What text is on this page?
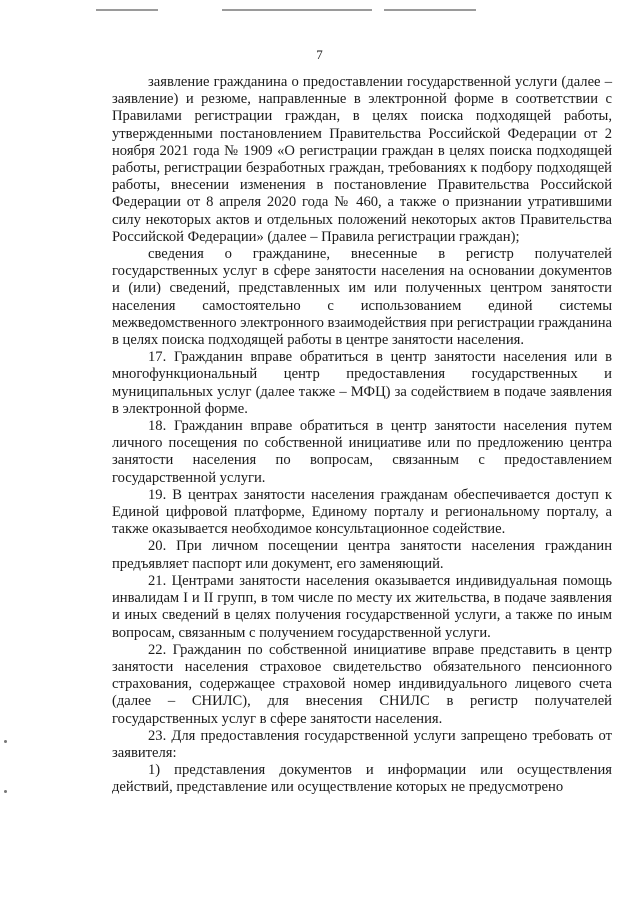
7

заявление гражданина о предоставлении государственной услуги (далее – заявление) и резюме, направленные в электронной форме в соответствии с Правилами регистрации граждан, в целях поиска подходящей работы, утвержденными постановлением Правительства Российской Федерации от 2 ноября 2021 года № 1909 «О регистрации граждан в целях поиска подходящей работы, регистрации безработных граждан, требованиях к подбору подходящей работы, внесении изменения в постановление Правительства Российской Федерации от 8 апреля 2020 года № 460, а также о признании утратившими силу некоторых актов и отдельных положений некоторых актов Правительства Российской Федерации» (далее – Правила регистрации граждан);

сведения о гражданине, внесенные в регистр получателей государственных услуг в сфере занятости населения на основании документов и (или) сведений, представленных им или полученных центром занятости населения самостоятельно с использованием единой системы межведомственного электронного взаимодействия при регистрации гражданина в целях поиска подходящей работы в центре занятости населения.

17. Гражданин вправе обратиться в центр занятости населения или в многофункциональный центр предоставления государственных и муниципальных услуг (далее также – МФЦ) за содействием в подаче заявления в электронной форме.

18. Гражданин вправе обратиться в центр занятости населения путем личного посещения по собственной инициативе или по предложению центра занятости населения по вопросам, связанным с предоставлением государственной услуги.

19. В центрах занятости населения гражданам обеспечивается доступ к Единой цифровой платформе, Единому порталу и региональному порталу, а также оказывается необходимое консультационное содействие.

20. При личном посещении центра занятости населения гражданин предъявляет паспорт или документ, его заменяющий.

21. Центрами занятости населения оказывается индивидуальная помощь инвалидам I и II групп, в том числе по месту их жительства, в подаче заявления и иных сведений в целях получения государственной услуги, а также по иным вопросам, связанным с получением государственной услуги.

22. Гражданин по собственной инициативе вправе представить в центр занятости населения страховое свидетельство обязательного пенсионного страхования, содержащее страховой номер индивидуального лицевого счета (далее – СНИЛС), для внесения СНИЛС в регистр получателей государственных услуг в сфере занятости населения.

23. Для предоставления государственной услуги запрещено требовать от заявителя:

1) представления документов и информации или осуществления действий, представление или осуществление которых не предусмотрено
